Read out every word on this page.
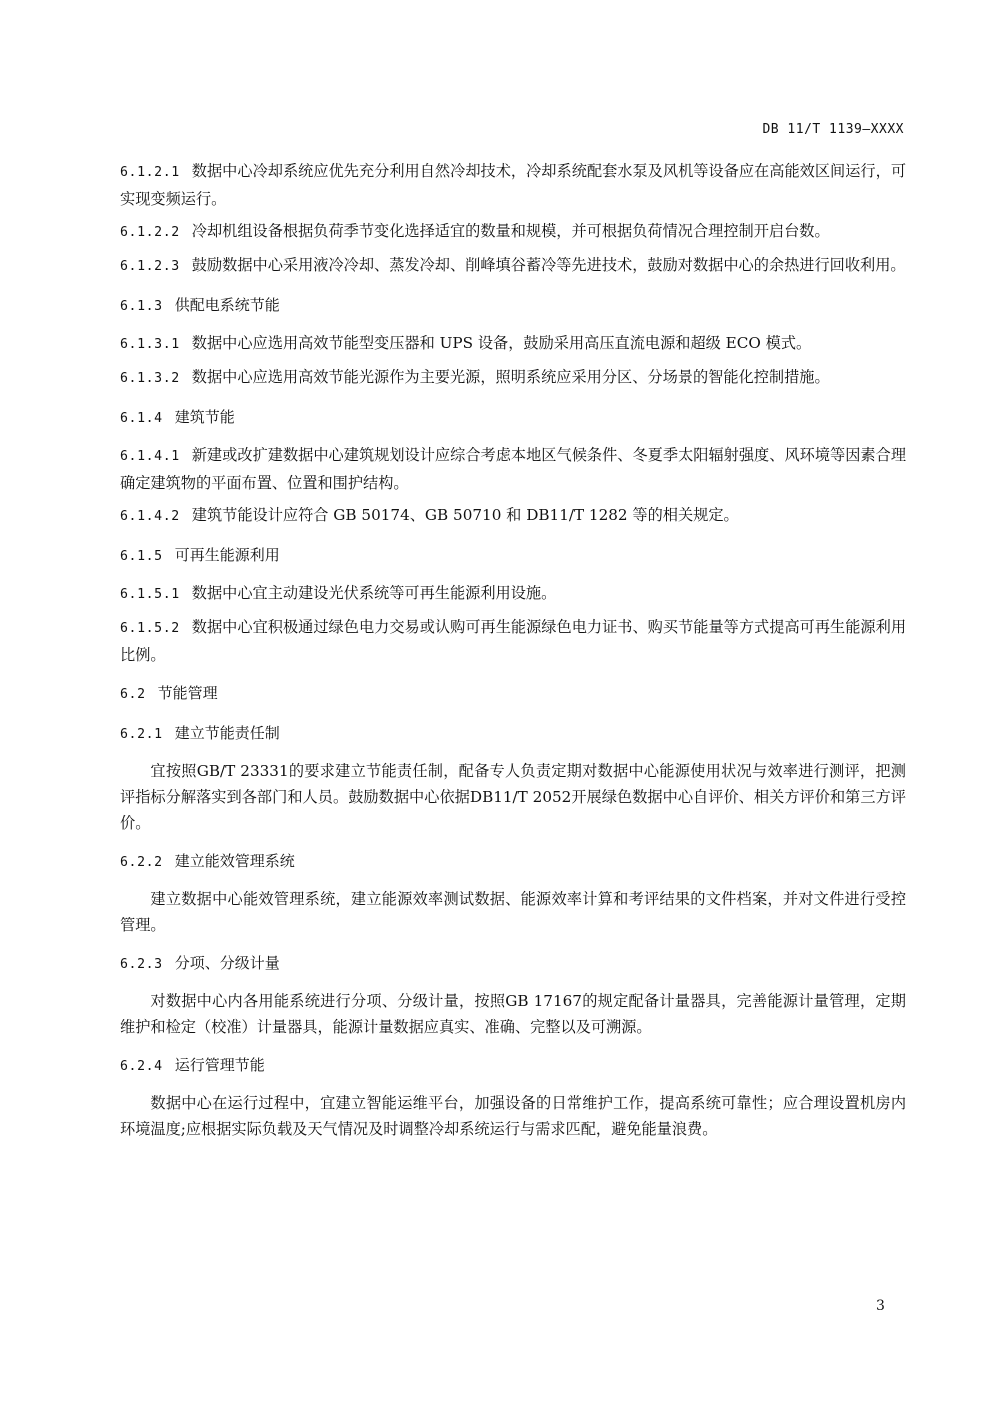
DB 11/T 1139—XXXX

6.1.2.1 数据中心冷却系统应优先充分利用自然冷却技术，冷却系统配套水泵及风机等设备应在高能效区间运行，可实现变频运行。

6.1.2.2 冷却机组设备根据负荷季节变化选择适宜的数量和规模，并可根据负荷情况合理控制开启台数。

6.1.2.3 鼓励数据中心采用液冷冷却、蒸发冷却、削峰填谷蓄冷等先进技术，鼓励对数据中心的余热进行回收利用。

6.1.3 供配电系统节能

6.1.3.1 数据中心应选用高效节能型变压器和 UPS 设备，鼓励采用高压直流电源和超级 ECO 模式。

6.1.3.2 数据中心应选用高效节能光源作为主要光源，照明系统应采用分区、分场景的智能化控制措施。

6.1.4 建筑节能

6.1.4.1 新建或改扩建数据中心建筑规划设计应综合考虑本地区气候条件、冬夏季太阳辐射强度、风环境等因素合理确定建筑物的平面布置、位置和围护结构。

6.1.4.2 建筑节能设计应符合 GB 50174、GB 50710 和 DB11/T 1282 等的相关规定。

6.1.5 可再生能源利用

6.1.5.1 数据中心宜主动建设光伏系统等可再生能源利用设施。

6.1.5.2 数据中心宜积极通过绿色电力交易或认购可再生能源绿色电力证书、购买节能量等方式提高可再生能源利用比例。

6.2 节能管理
6.2.1 建立节能责任制

宜按照GB/T 23331的要求建立节能责任制，配备专人负责定期对数据中心能源使用状况与效率进行测评，把测评指标分解落实到各部门和人员。鼓励数据中心依据DB11/T 2052开展绿色数据中心自评价、相关方评价和第三方评价。

6.2.2 建立能效管理系统

建立数据中心能效管理系统，建立能源效率测试数据、能源效率计算和考评结果的文件档案，并对文件进行受控管理。

6.2.3 分项、分级计量

对数据中心内各用能系统进行分项、分级计量，按照GB 17167的规定配备计量器具，完善能源计量管理，定期维护和检定（校准）计量器具，能源计量数据应真实、准确、完整以及可溯源。

6.2.4 运行管理节能

数据中心在运行过程中，宜建立智能运维平台，加强设备的日常维护工作，提高系统可靠性；应合理设置机房内环境温度;应根据实际负载及天气情况及时调整冷却系统运行与需求匹配，避免能量浪费。

3
